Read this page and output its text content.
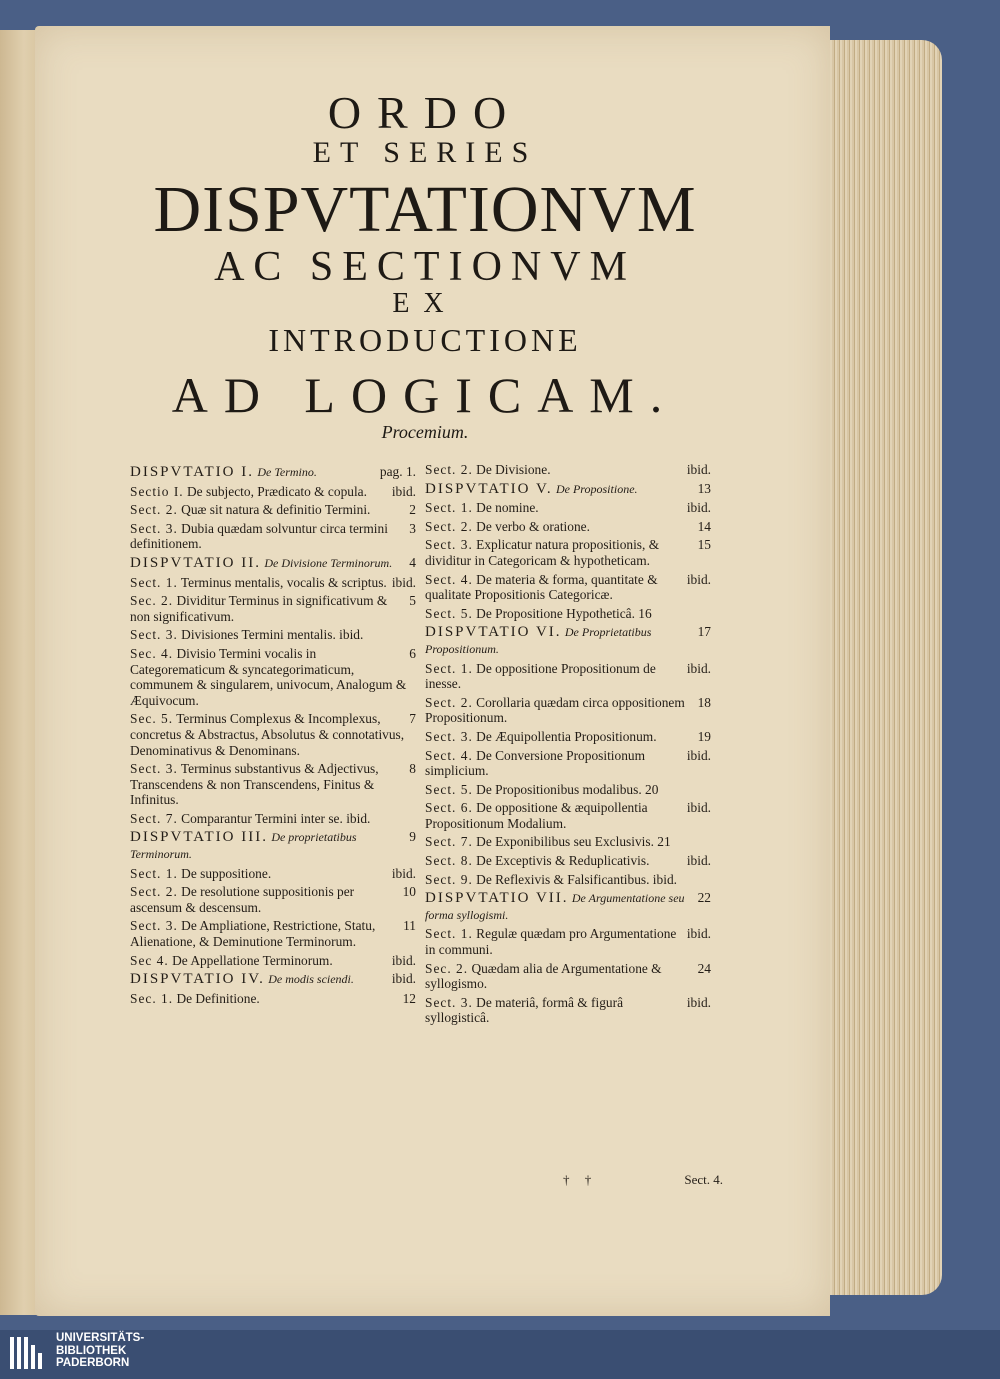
ORDO
ET SERIES
DISPVTATIONVM
AC SECTIONVM
EX
INTRODUCTIONE
AD LOGICAM.
Procemium.
pag. 1.
DISPVTATIO I. De Termino.
ibid.
Sectio I. De subjecto, Prædicato & copula.
2
Sect. 2. Quæ sit natura & definitio Termini.
3
Sect. 3. Dubia quædam solvuntur circa termini definitionem.
4
DISPVTATIO II. De Divisione Terminorum.
ibid.
Sect. 1. Terminus mentalis, vocalis & scriptus.
5
Sec. 2. Dividitur Terminus in significativum & non significativum.
Sect. 3. Divisiones Termini mentalis. ibid.
6
Sec. 4. Divisio Termini vocalis in Categorematicum & syncategorimaticum, communem & singularem, univocum, Analogum & Æquivocum.
7
Sec. 5. Terminus Complexus & Incomplexus, concretus & Abstractus, Absolutus & connotativus, Denominativus & Denominans.
8
Sect. 3. Terminus substantivus & Adjectivus, Transcendens & non Transcendens, Finitus & Infinitus.
Sect. 7. Comparantur Termini inter se. ibid.
9
DISPVTATIO III. De proprietatibus Terminorum.
ibid.
Sect. 1. De suppositione.
10
Sect. 2. De resolutione suppositionis per ascensum & descensum.
11
Sect. 3. De Ampliatione, Restrictione, Statu, Alienatione, & Deminutione Terminorum.
ibid.
Sec 4. De Appellatione Terminorum.
ibid.
DISPVTATIO IV. De modis sciendi.
12
Sec. 1. De Definitione.
ibid.
Sect. 2. De Divisione.
13
DISPVTATIO V. De Propositione.
ibid.
Sect. 1. De nomine.
14
Sect. 2. De verbo & oratione.
15
Sect. 3. Explicatur natura propositionis, & dividitur in Categoricam & hypotheticam.
ibid.
Sect. 4. De materia & forma, quantitate & qualitate Propositionis Categoricæ.
Sect. 5. De Propositione Hypotheticâ. 16
17
DISPVTATIO VI. De Proprietatibus Propositionum.
ibid.
Sect. 1. De oppositione Propositionum de inesse.
18
Sect. 2. Corollaria quædam circa oppositionem Propositionum.
19
Sect. 3. De Æquipollentia Propositionum.
ibid.
Sect. 4. De Conversione Propositionum simplicium.
Sect. 5. De Propositionibus modalibus. 20
ibid.
Sect. 6. De oppositione & æquipollentia Propositionum Modalium.
Sect. 7. De Exponibilibus seu Exclusivis. 21
ibid.
Sect. 8. De Exceptivis & Reduplicativis.
Sect. 9. De Reflexivis & Falsificantibus. ibid.
22
DISPVTATIO VII. De Argumentatione seu forma syllogismi.
ibid.
Sect. 1. Regulæ quædam pro Argumentatione in communi.
24
Sec. 2. Quædam alia de Argumentatione & syllogismo.
ibid.
Sect. 3. De materiâ, formâ & figurâ syllogisticâ.
† †	Sect. 4.
UNIVERSITÄTS-
BIBLIOTHEK
PADERBORN
